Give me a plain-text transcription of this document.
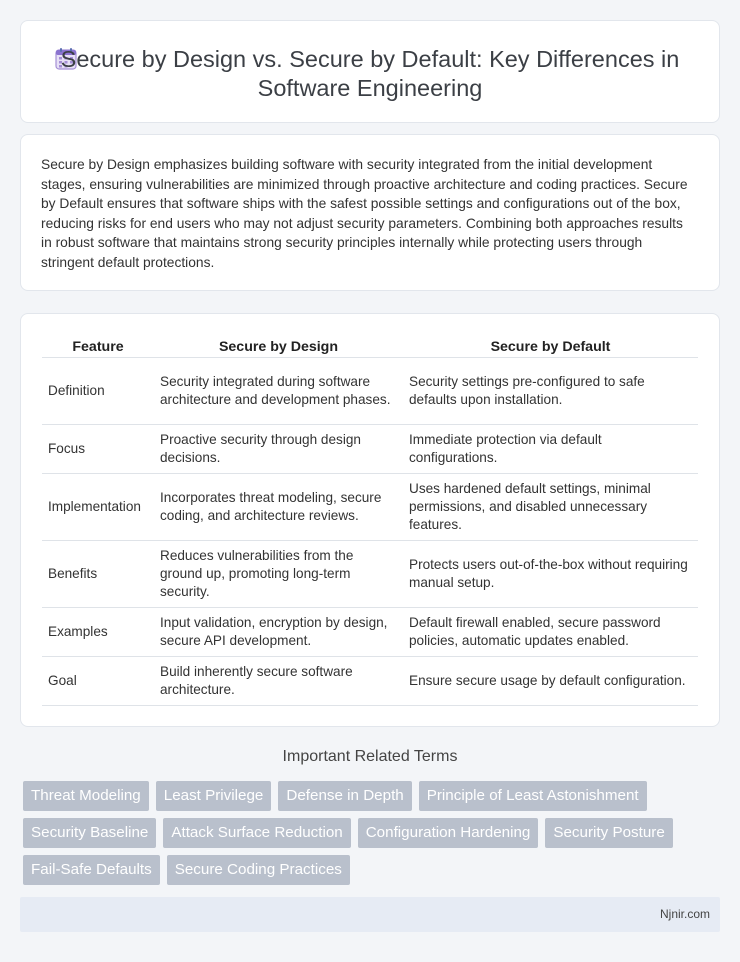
Secure by Design vs. Secure by Default: Key Differences in Software Engineering

Secure by Design emphasizes building software with security integrated from the initial development stages, ensuring vulnerabilities are minimized through proactive architecture and coding practices. Secure by Default ensures that software ships with the safest possible settings and configurations out of the box, reducing risks for end users who may not adjust security parameters. Combining both approaches results in robust software that maintains strong security principles internally while protecting users through stringent default protections.

Feature	Secure by Design	Secure by Default
Definition	Security integrated during software architecture and development phases.	Security settings pre-configured to safe defaults upon installation.
Focus	Proactive security through design decisions.	Immediate protection via default configurations.
Implementation	Incorporates threat modeling, secure coding, and architecture reviews.	Uses hardened default settings, minimal permissions, and disabled unnecessary features.
Benefits	Reduces vulnerabilities from the ground up, promoting long-term security.	Protects users out-of-the-box without requiring manual setup.
Examples	Input validation, encryption by design, secure API development.	Default firewall enabled, secure password policies, automatic updates enabled.
Goal	Build inherently secure software architecture.	Ensure secure usage by default configuration.
Important Related Terms
Threat Modeling	Least Privilege	Defense in Depth	Principle of Least Astonishment
Security Baseline	Attack Surface Reduction	Configuration Hardening	Security Posture
Fail-Safe Defaults	Secure Coding Practices
Njnir.com
